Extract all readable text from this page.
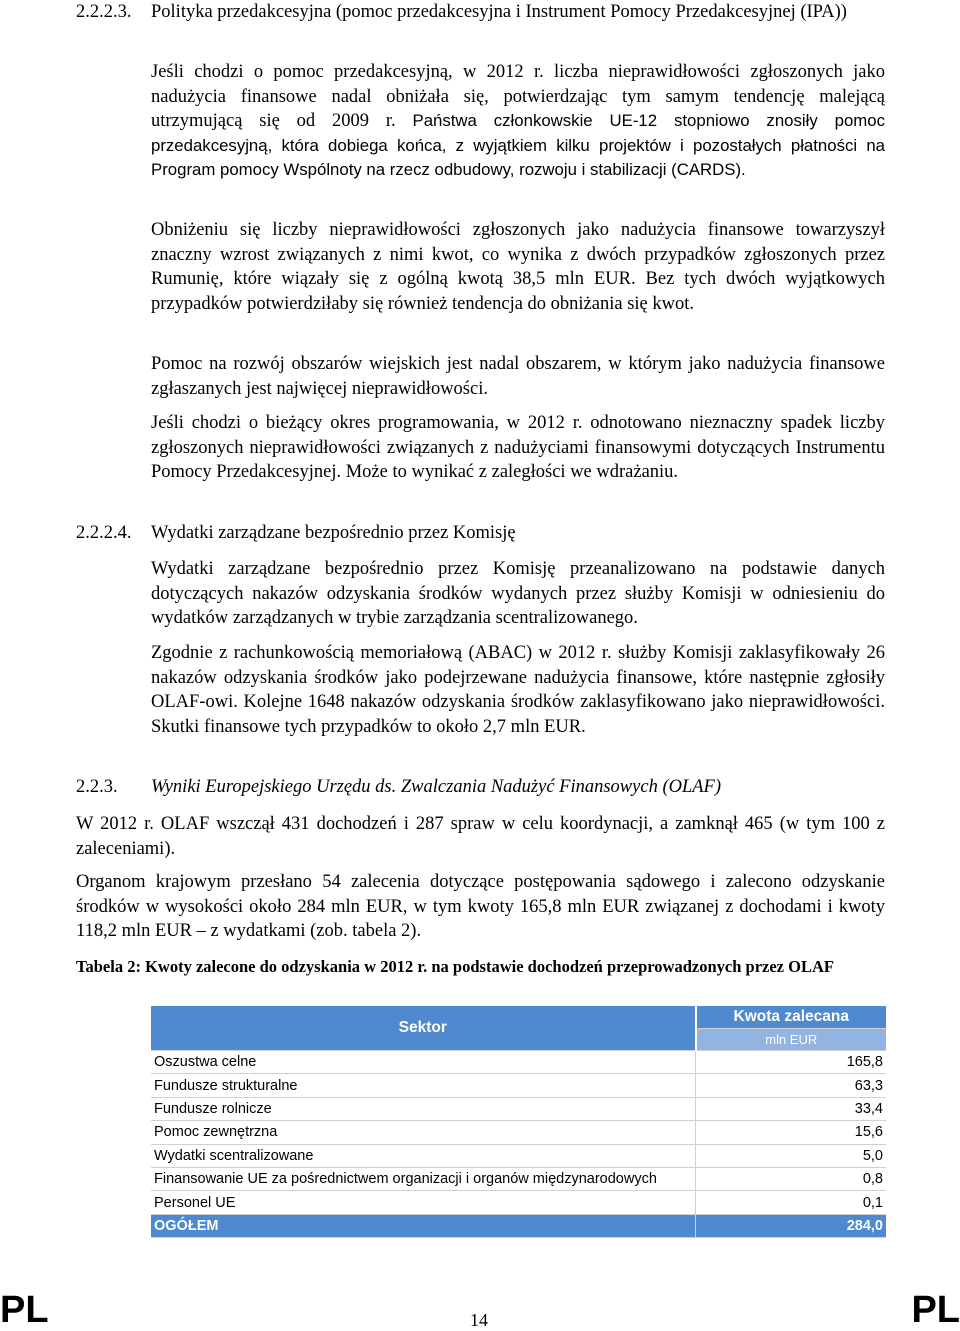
2.2.2.3. Polityka przedakcesyjna (pomoc przedakcesyjna i Instrument Pomocy Przedakcesyjnej (IPA))

Jeśli chodzi o pomoc przedakcesyjną, w 2012 r. liczba nieprawidłowości zgłoszonych jako nadużycia finansowe nadal obniżała się, potwierdzając tym samym tendencję malejącą utrzymującą się od 2009 r. Państwa członkowskie UE-12 stopniowo znosiły pomoc przedakcesyjną, która dobiega końca, z wyjątkiem kilku projektów i pozostałych płatności na Program pomocy Wspólnoty na rzecz odbudowy, rozwoju i stabilizacji (CARDS).

Obniżeniu się liczby nieprawidłowości zgłoszonych jako nadużycia finansowe towarzyszył znaczny wzrost związanych z nimi kwot, co wynika z dwóch przypadków zgłoszonych przez Rumunię, które wiązały się z ogólną kwotą 38,5 mln EUR. Bez tych dwóch wyjątkowych przypadków potwierdziłaby się również tendencja do obniżania się kwot.

Pomoc na rozwój obszarów wiejskich jest nadal obszarem, w którym jako nadużycia finansowe zgłaszanych jest najwięcej nieprawidłowości.

Jeśli chodzi o bieżący okres programowania, w 2012 r. odnotowano nieznaczny spadek liczby zgłoszonych nieprawidłowości związanych z nadużyciami finansowymi dotyczących Instrumentu Pomocy Przedakcesyjnej. Może to wynikać z zaległości we wdrażaniu.

2.2.2.4. Wydatki zarządzane bezpośrednio przez Komisję

Wydatki zarządzane bezpośrednio przez Komisję przeanalizowano na podstawie danych dotyczących nakazów odzyskania środków wydanych przez służby Komisji w odniesieniu do wydatków zarządzanych w trybie zarządzania scentralizowanego.

Zgodnie z rachunkowością memoriałową (ABAC) w 2012 r. służby Komisji zaklasyfikowały 26 nakazów odzyskania środków jako podejrzewane nadużycia finansowe, które następnie zgłosiły OLAF-owi. Kolejne 1648 nakazów odzyskania środków zaklasyfikowano jako nieprawidłowości. Skutki finansowe tych przypadków to około 2,7 mln EUR.

2.2.3. Wyniki Europejskiego Urzędu ds. Zwalczania Nadużyć Finansowych (OLAF)

W 2012 r. OLAF wszczął 431 dochodzeń i 287 spraw w celu koordynacji, a zamknął 465 (w tym 100 z zaleceniami).

Organom krajowym przesłano 54 zalecenia dotyczące postępowania sądowego i zalecono odzyskanie środków w wysokości około 284 mln EUR, w tym kwoty 165,8 mln EUR związanej z dochodami i kwoty 118,2 mln EUR – z wydatkami (zob. tabela 2).

Tabela 2: Kwoty zalecone do odzyskania w 2012 r. na podstawie dochodzeń przeprowadzonych przez OLAF

Sektor	Kwota zalecana
	mln EUR
Oszustwa celne	165,8
Fundusze strukturalne	63,3
Fundusze rolnicze	33,4
Pomoc zewnętrzna	15,6
Wydatki scentralizowane	5,0
Finansowanie UE za pośrednictwem organizacji i organów międzynarodowych	0,8
Personel UE	0,1
OGÓŁEM	284,0
PL	14	PL
